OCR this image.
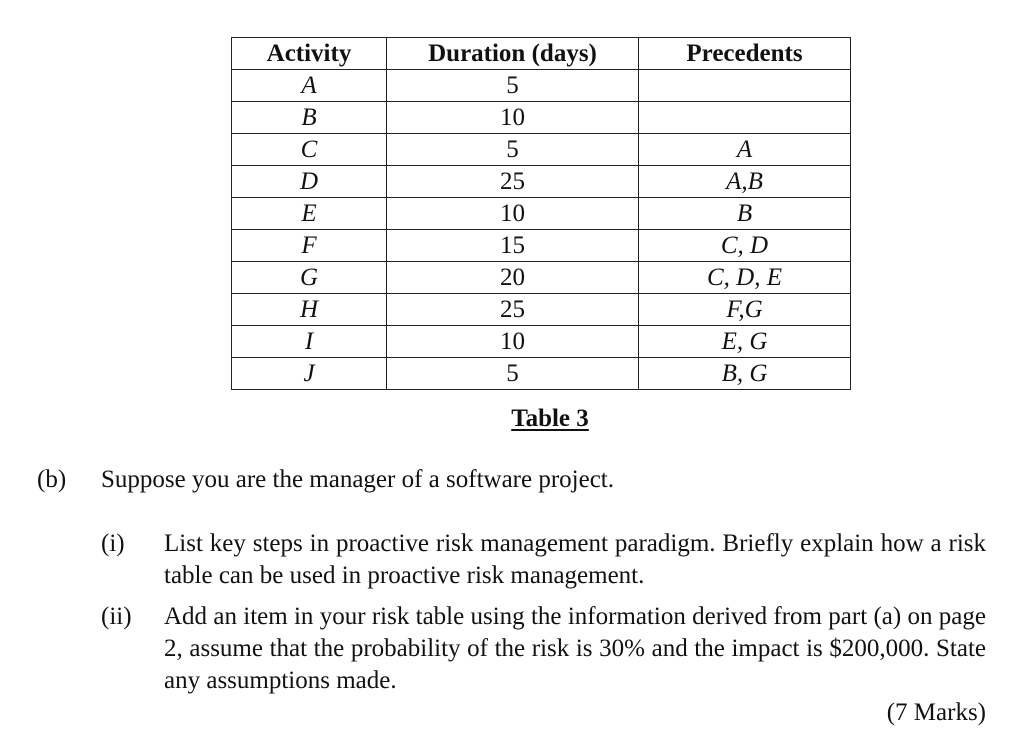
Activity	Duration (days)	Precedents
A	5	
B	10	
C	5	A
D	25	A,B
E	10	B
F	15	C, D
G	20	C, D, E
H	25	F,G
I	10	E, G
J	5	B, G
Table 3
(b) Suppose you are the manager of a software project.
(i) List key steps in proactive risk management paradigm. Briefly explain how a risk table can be used in proactive risk management.
(ii) Add an item in your risk table using the information derived from part (a) on page 2, assume that the probability of the risk is 30% and the impact is $200,000. State any assumptions made.
(7 Marks)
